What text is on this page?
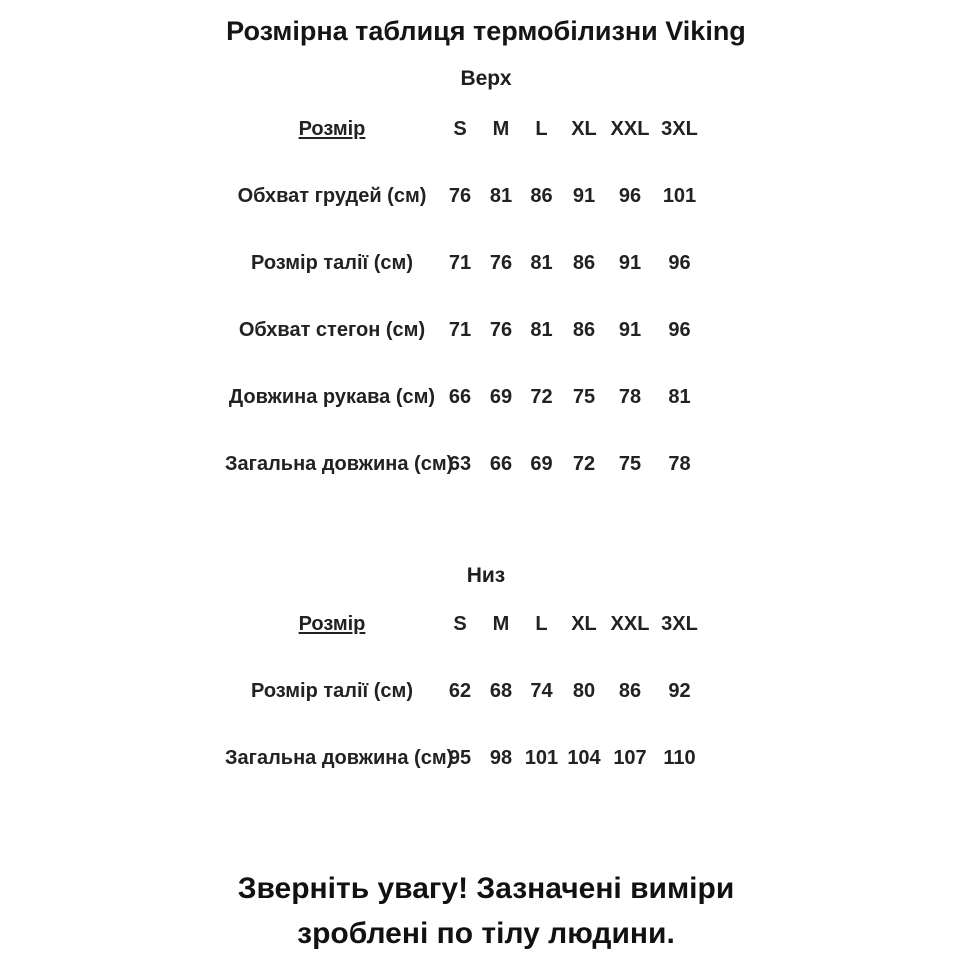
Розмірна таблиця термобілизни Viking
Верх
Розмір	S	M	L	XL	XXL	3XL
Обхват грудей (см)	76	81	86	91	96	101
Розмір талії (см)	71	76	81	86	91	96
Обхват стегон (см)	71	76	81	86	91	96
Довжина рукава (см)	66	69	72	75	78	81
Загальна довжина (см)	63	66	69	72	75	78
Низ
Розмір	S	M	L	XL	XXL	3XL
Розмір талії (см)	62	68	74	80	86	92
Загальна довжина (см)	95	98	101	104	107	110
Зверніть увагу! Зазначені виміри
зроблені по тілу людини.
